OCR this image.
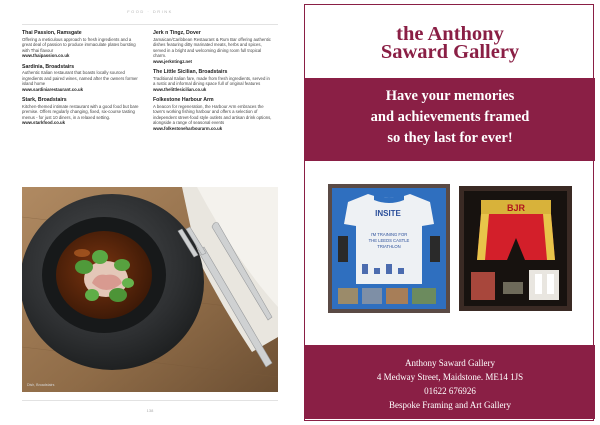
FOOD · DRINK
Thai Passion, Ramsgate
Offering a meticulous approach to fresh ingredients and a great deal of passion to produce immaculate plates bursting with Thai flavour
www.thaipassion.co.uk
Sardinia, Broadstairs
Authentic Italian restaurant that boasts locally sourced ingredients and paired wines, named after the owners former island home
www.sardiniarestaurant.co.uk
Stark, Broadstairs
Kitchen-themed intimate restaurant with a good food but bare premise. Offers regularly changing, fixed, six-course tasting menus - for just 10 diners, in a relaxed setting.
www.starkfood.co.uk
Jerk n Tingz, Dover
Jamaican/Caribbean Restaurant & Rum Bar offering authentic dishes featuring ditty marinated meats, herbs and spices, served in a bright and welcoming dining room full tropical charm.
www.jerkntingz.net
The Little Sicilian, Broadstairs
Traditional Italian fare, made from fresh ingredients, served in a rustic and informal dining space full of original features
www.thelittlesicilian.co.uk
Folkestone Harbour Arm
A beacon for regeneration, the Harbour Arm embraces the town's working fishing harbour and offers a selection of independent street-food style outlets and artisan drink options, alongside a range of seasonal events
www.folkestoneharbourarm.co.uk
Dish, Broadstairs
138
the Anthony
Saward Gallery
Have your memories
and achievements framed
so they last for ever!
INSITE
I'M TRAINING FOR
THE LEEDS CASTLE
TRIATHLON
BJR
Anthony Saward Gallery
4 Medway Street, Maidstone. ME14 1JS
01622 676926
Bespoke Framing and Art Gallery
